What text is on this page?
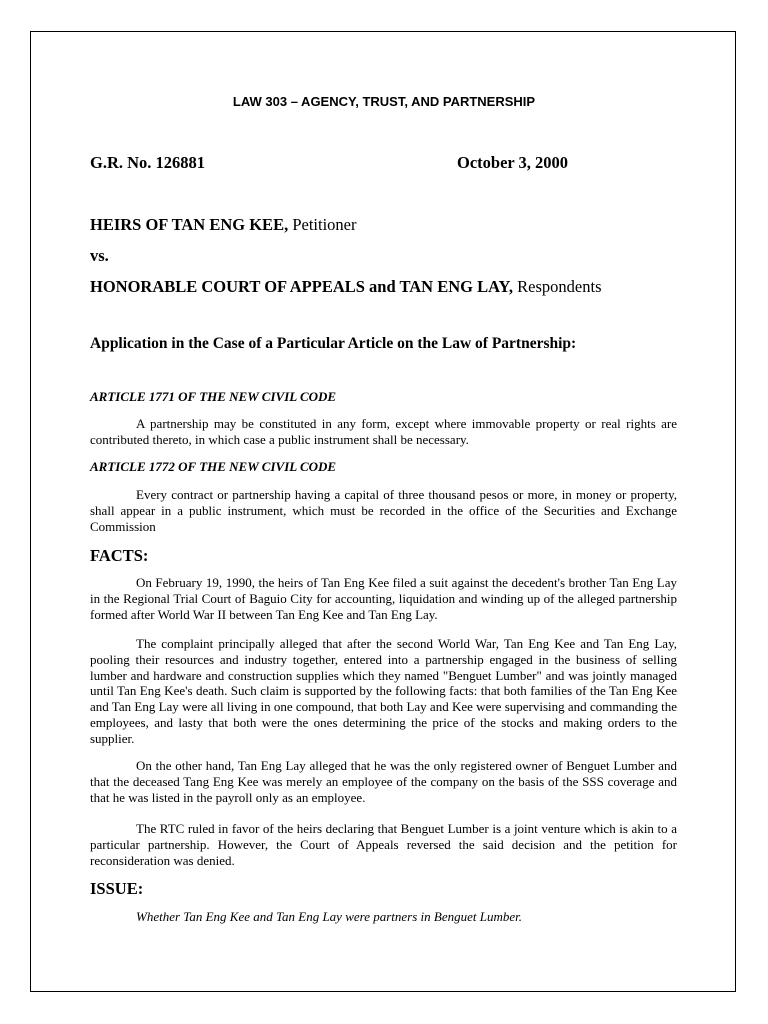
LAW 303 – AGENCY, TRUST, AND PARTNERSHIP

G.R. No. 126881	October 3, 2000

HEIRS OF TAN ENG KEE, Petitioner

vs.

HONORABLE COURT OF APPEALS and TAN ENG LAY, Respondents

Application in the Case of a Particular Article on the Law of Partnership:

ARTICLE 1771 OF THE NEW CIVIL CODE

A partnership may be constituted in any form, except where immovable property or real rights are contributed thereto, in which case a public instrument shall be necessary.

ARTICLE 1772 OF THE NEW CIVIL CODE

Every contract or partnership having a capital of three thousand pesos or more, in money or property, shall appear in a public instrument, which must be recorded in the office of the Securities and Exchange Commission

FACTS:

On February 19, 1990, the heirs of Tan Eng Kee filed a suit against the decedent's brother Tan Eng Lay in the Regional Trial Court of Baguio City for accounting, liquidation and winding up of the alleged partnership formed after World War II between Tan Eng Kee and Tan Eng Lay.

The complaint principally alleged that after the second World War, Tan Eng Kee and Tan Eng Lay, pooling their resources and industry together, entered into a partnership engaged in the business of selling lumber and hardware and construction supplies which they named "Benguet Lumber" and was jointly managed until Tan Eng Kee's death. Such claim is supported by the following facts: that both families of the Tan Eng Kee and Tan Eng Lay were all living in one compound, that both Lay and Kee were supervising and commanding the employees, and lasty that both were the ones determining the price of the stocks and making orders to the supplier.

On the other hand, Tan Eng Lay alleged that he was the only registered owner of Benguet Lumber and that the deceased Tang Eng Kee was merely an employee of the company on the basis of the SSS coverage and that he was listed in the payroll only as an employee.

The RTC ruled in favor of the heirs declaring that Benguet Lumber is a joint venture which is akin to a particular partnership. However, the Court of Appeals reversed the said decision and the petition for reconsideration was denied.

ISSUE:

Whether Tan Eng Kee and Tan Eng Lay were partners in Benguet Lumber.
